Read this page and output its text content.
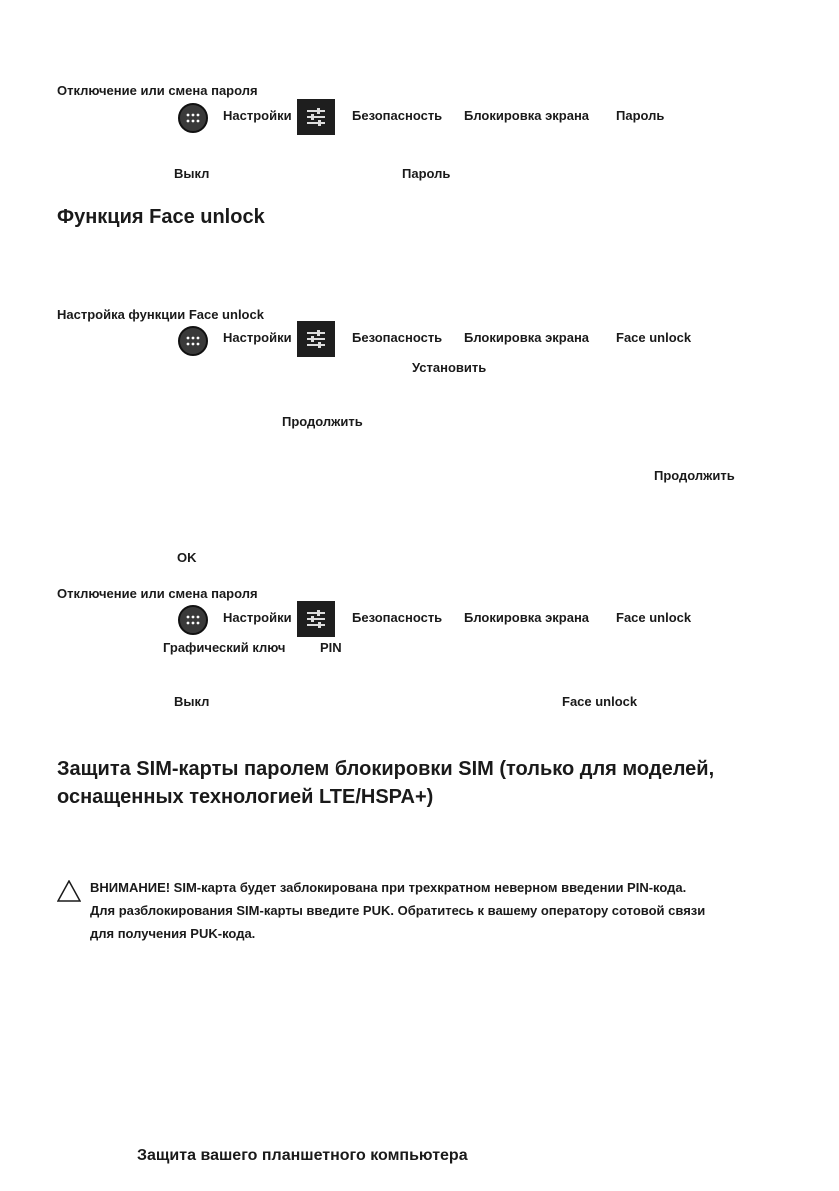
Отключение или смена пароля
Настройки	Безопасность Блокировка экрана Пароль
Выкл	Пароль
Функция Face unlock
Настройка функции Face unlock
Настройки	Безопасность Блокировка экрана Face unlock
Установить
Продолжить
Продолжить
OK
Отключение или смена пароля
Настройки	Безопасность Блокировка экрана Face unlock
Графический ключ	PIN
Выкл	Face unlock
Защита SIM-карты паролем блокировки SIM (только для моделей,
оснащенных технологией LTE/HSPA+)
ВНИМАНИЕ! SIM-карта будет заблокирована при трехкратном неверном введении PIN-кода.
Для разблокирования SIM-карты введите PUK. Обратитесь к вашему оператору сотовой связи
для получения PUK-кода.
Защита вашего планшетного компьютера
